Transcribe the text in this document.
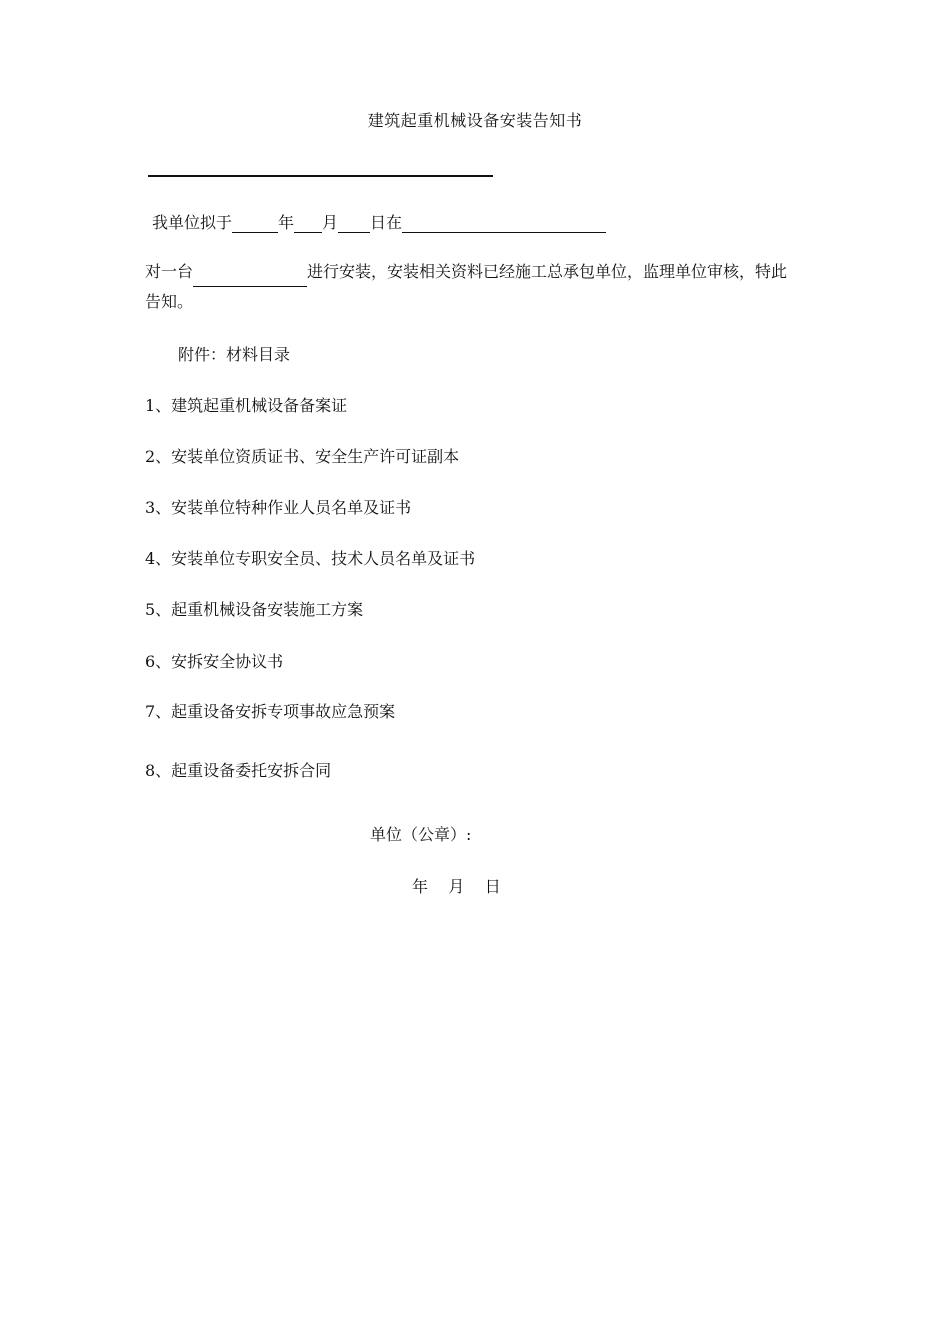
建筑起重机械设备安装告知书
我单位拟于	年 月 日在
对一台	进行安装，安装相关资料已经施工总承包单位，监理单位审核，特此
告知。
附件：材料目录
1、建筑起重机械设备备案证
2、安装单位资质证书、安全生产许可证副本
3、安装单位特种作业人员名单及证书
4、安装单位专职安全员、技术人员名单及证书
5、起重机械设备安装施工方案
6、安拆安全协议书
7、起重设备安拆专项事故应急预案
8、起重设备委托安拆合同
单位（公章）:
年    月    日
